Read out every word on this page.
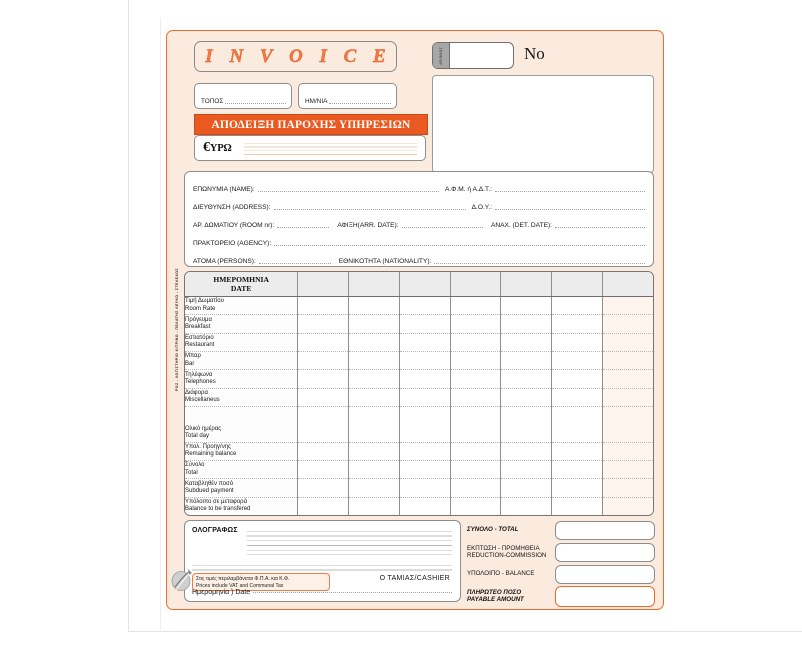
I N V O I C E	ΑΡΙΘΜΟΣ	No
ΤΟΠΟΣ	ΗΜ/ΝΙΑ
ΑΠΟΔΕΙΞΗ ΠΑΡΟΧΗΣ ΥΠΗΡΕΣΙΩΝ
€ΥΡΩ
ΕΠΩΝΥΜΙΑ (NAME):	Α.Φ.Μ. ή Α.Δ.Τ.:
ΔΙΕΥΘΥΝΣΗ (ADDRESS):	Δ.Ο.Υ.:
ΑΡ. ΔΩΜΑΤΙΟΥ (ROOM nr):	ΑΦΙΞΗ(ARR. DATE):	ΑΝΑΧ. (DET. DATE):
ΠΡΑΚΤΟΡΕΙΟ (AGENCY):
ΑΤΟΜΑ (PERSONS):	ΕΘΝΙΚΟΤΗΤΑ (NATIONALITY):
ΡΟΖ - ΛΟΓΙΣΤΗΡΙΟ ΚΙΤΡΙΝΟ - ΠΕΛΑΤΗΣ ΛΕΥΚΟ - ΣΤΕΛΕΧΟΣ	ΗΜΕΡΟΜΗΝΙΑ
DATE							

Τιμή Δωματίου
Room Rate							

Πρόγευμα
Breakfast							

Εστιατόριο
Restaurant							

Μπαρ
Bar							

Τηλέφωνα
Telephones							

Διάφορα
Miscellaneus							

Ολικό ημέρας
Total day							

Υπολ. Προηγ/νης
Remaining balance							

Σύνολο
Total							

Καταβληθέν ποσό
Subdued payment							

Υπόλοιπο σε μεταφορά
Balance to be transfered							

ΟΛΟΓΡΑΦΩΣ
Στις τιμές περιλαμβάνεται Φ.Π.Α. και Κ.Φ.
Prices include VAT and Communal Tax
Ο ΤΑΜΙΑΣ/CASHIER
Ημερομηνία ) Date
ΣΥΝΟΛΟ - TOTAL
ΕΚΠΤΩΣΗ - ΠΡΟΜΗΘΕΙΑ
REDUCTION-COMMISSION
ΥΠΟΛΟΙΠΟ - BALANCE
ΠΛΗΡΩΤΕΟ ΠΟΣΟ
PAYABLE AMOUNT
